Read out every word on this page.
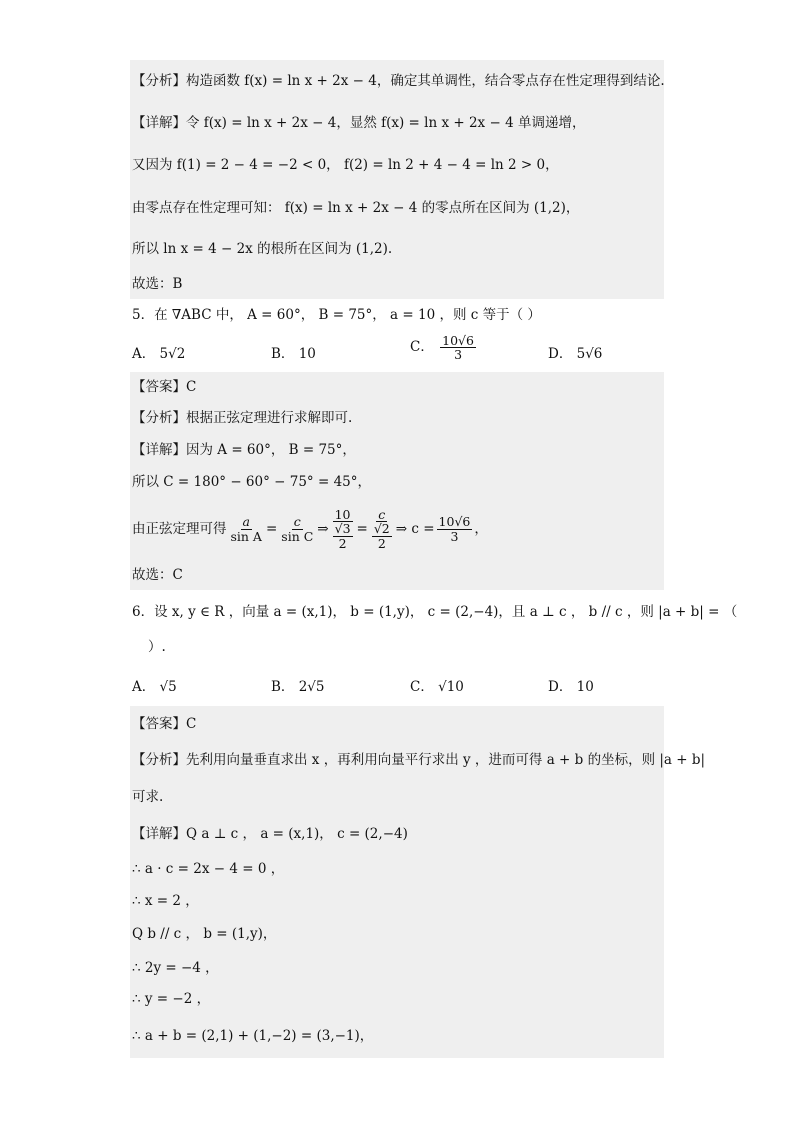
【分析】构造函数 f(x) = ln x + 2x − 4，确定其单调性，结合零点存在性定理得到结论.
【详解】令 f(x) = ln x + 2x − 4，显然 f(x) = ln x + 2x − 4 单调递增，
又因为 f(1) = 2 − 4 = −2 < 0， f(2) = ln 2 + 4 − 4 = ln 2 > 0，
由零点存在性定理可知： f(x) = ln x + 2x − 4 的零点所在区间为 (1,2)，
所以 ln x = 4 − 2x 的根所在区间为 (1,2).
故选：B
5．在 ∇ABC 中， A = 60°， B = 75°， a = 10 ，则 c 等于（ ）
A． 5√2	B． 10	C． $\frac{10√6}{3}$	D． 5√6
【答案】C
【分析】根据正弦定理进行求解即可.
【详解】因为 A = 60°， B = 75°，
所以 C = 180° − 60° − 75° = 45°，
由正弦定理可得 $\frac{a}{\text{sin A}} = \frac{c}{\text{sin C}}$ ⇒ $\frac{10}{\frac{√3}{2}} = \frac{c}{\frac{√2}{2}}$ ⇒ $c = \frac{10√6}{3}$ ，
故选：C
6．设 x, y ∈ R ，向量 a = (x,1)， b = (1,y)， c = (2,−4)，且 a ⊥ c ， b // c ，则 |a + b| = （
）.
A． √5	B． 2√5	C． √10	D． 10
【答案】C
【分析】先利用向量垂直求出 x ，再利用向量平行求出 y ，进而可得 a + b 的坐标，则 |a + b|
可求.
【详解】Q a ⊥ c ， a = (x,1)， c = (2,−4)
∴ a · c = 2x − 4 = 0 ，
∴ x = 2 ，
Q b // c ， b = (1,y)，
∴ 2y = −4 ，
∴ y = −2 ，
∴ a + b = (2,1) + (1,−2) = (3,−1)，
